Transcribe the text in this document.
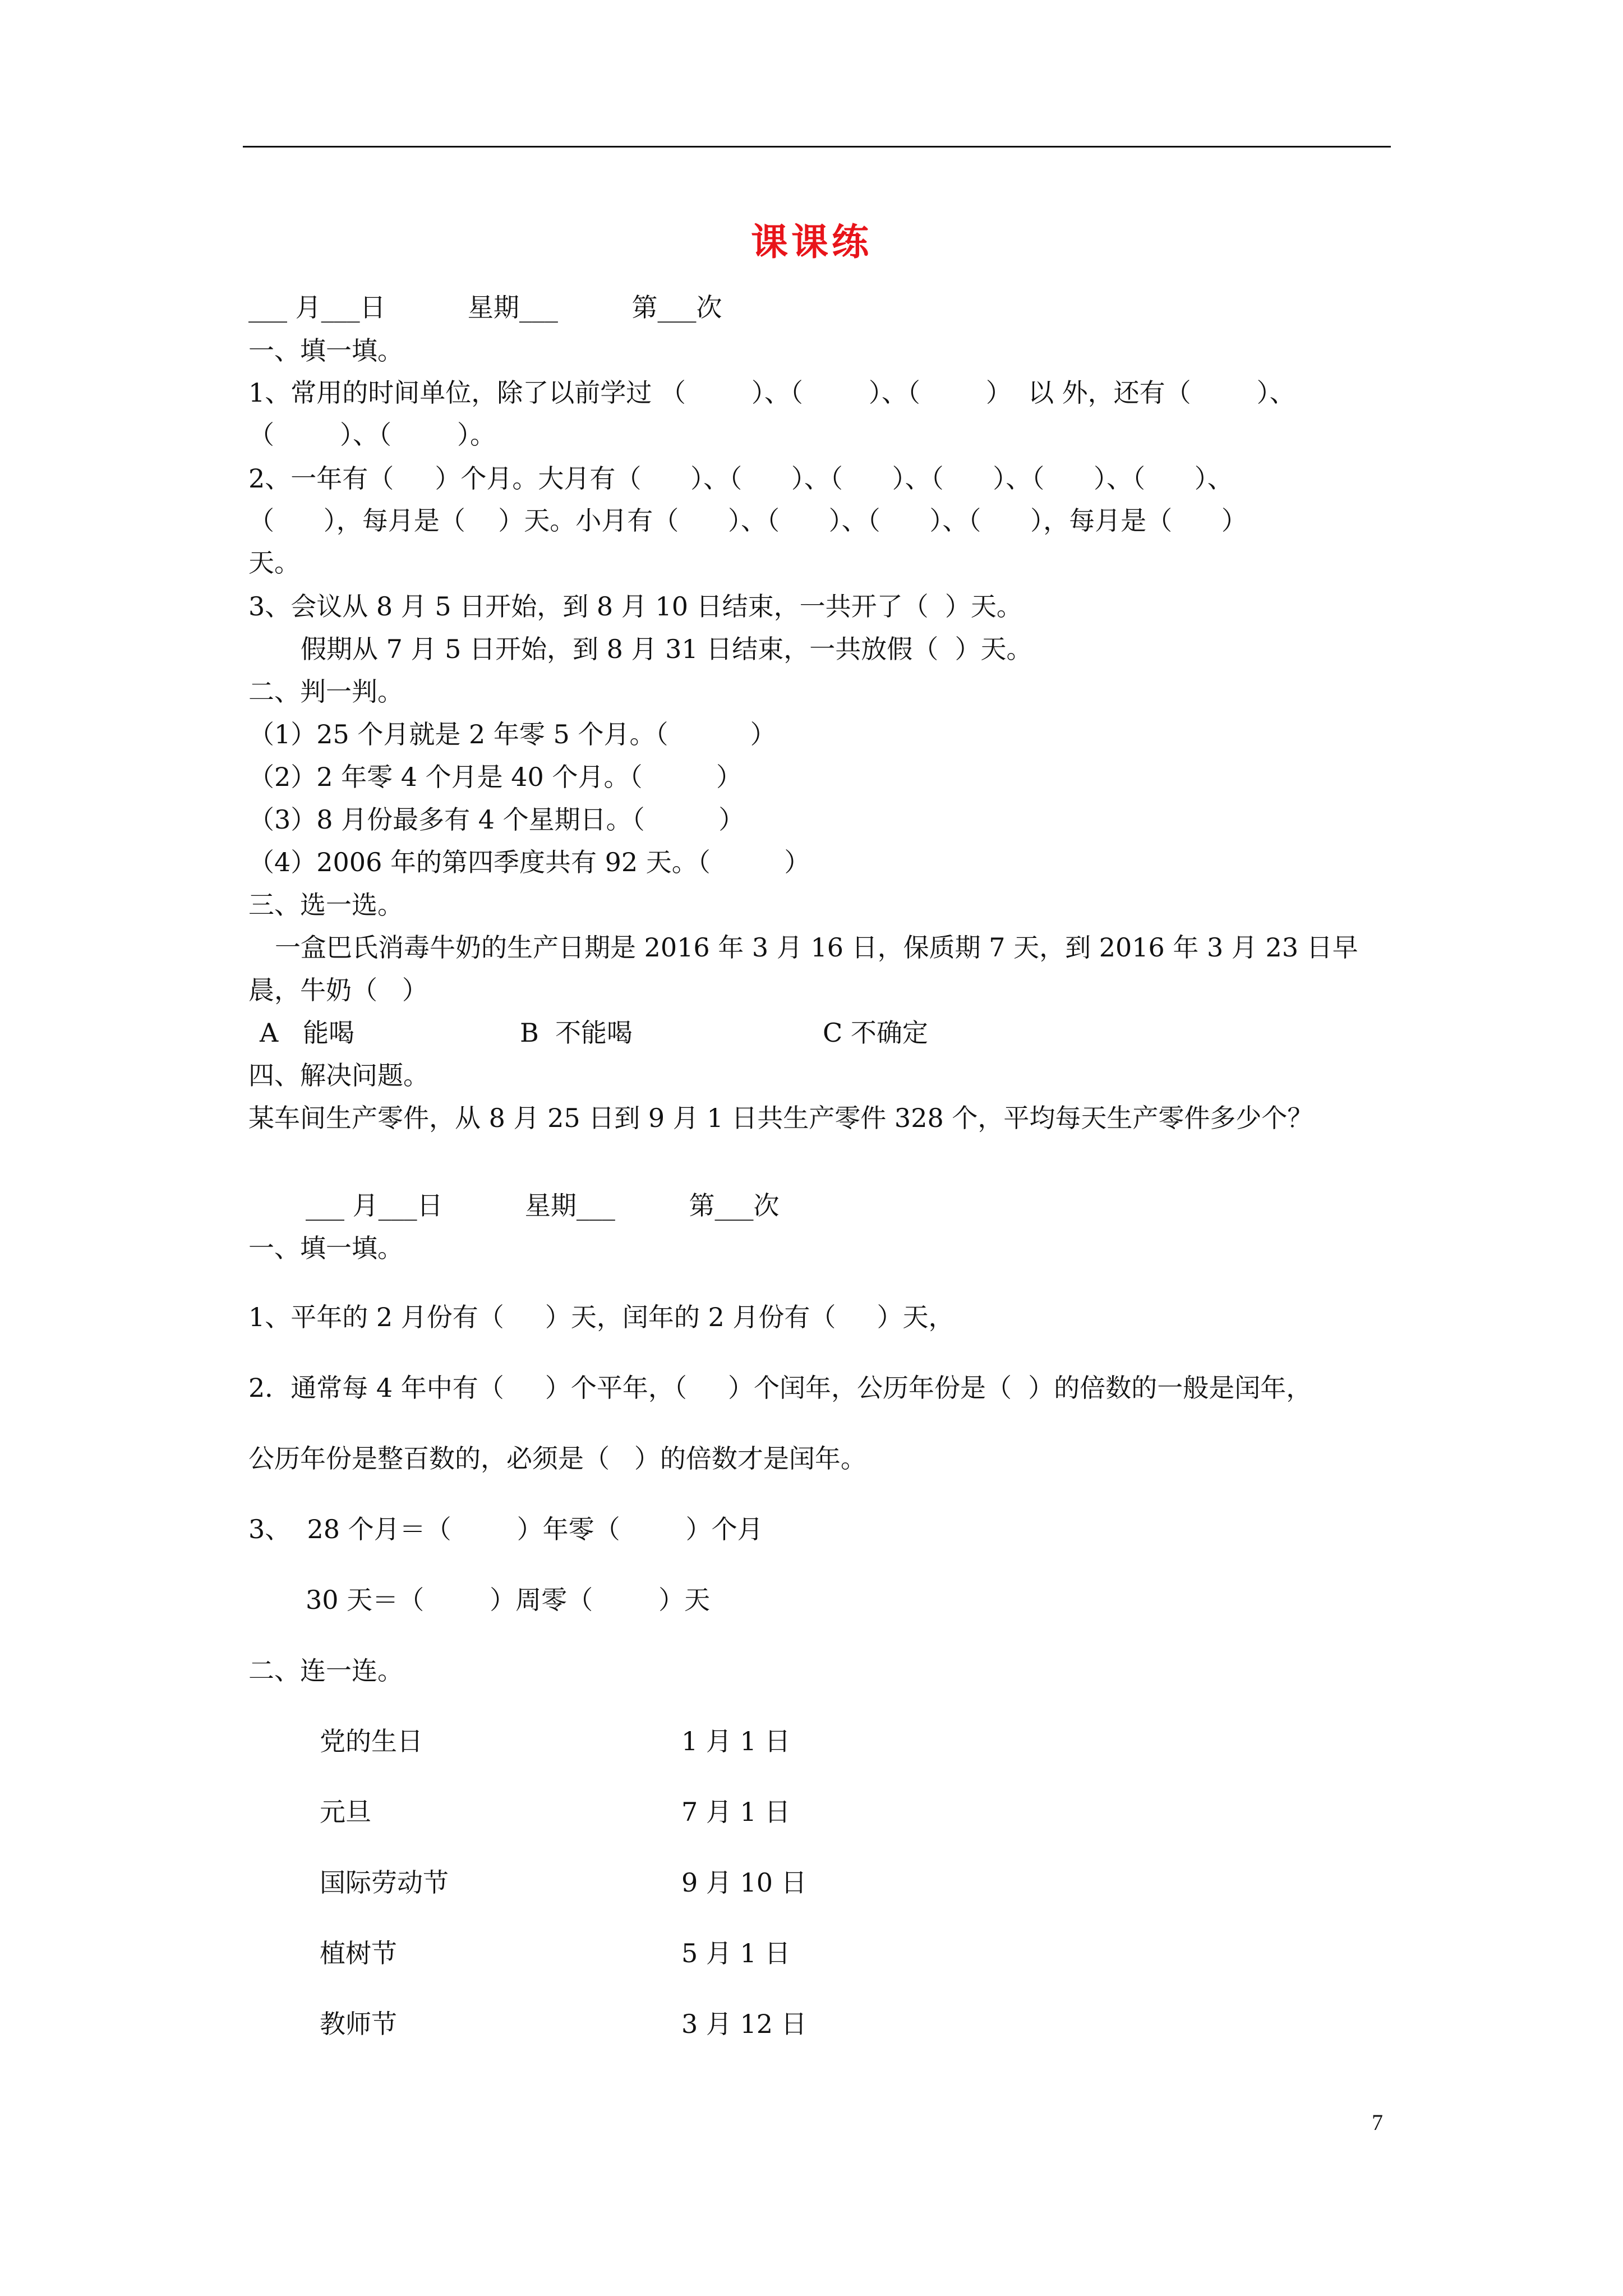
课课练
___ 月___日          星期___         第___次
一、填一填。
1、常用的时间单位，除了以前学过 （        ）、（        ）、（        ）  以 外，还有（        ）、
（        ）、（        ）。
2、一年有（     ）个月。大月有（      ）、（      ）、（      ）、（      ）、（      ）、（      ）、
（      ），每月是（    ）天。小月有（      ）、（      ）、（      ）、（      ），每月是（      ）
天。
3、会议从 8 月 5 日开始，到 8 月 10 日结束，一共开了（  ）天。
假期从 7 月 5 日开始，到 8 月 31 日结束，一共放假（  ）天。
二、判一判。
（1）25 个月就是 2 年零 5 个月。（          ）
（2）2 年零 4 个月是 40 个月。（         ）
（3）8 月份最多有 4 个星期日。（         ）
（4）2006 年的第四季度共有 92 天。（         ）
三、选一选。
一盒巴氏消毒牛奶的生产日期是 2016 年 3 月 16 日，保质期 7 天，到 2016 年 3 月 23 日早
晨，牛奶（   ）
A   能喝	B  不能喝	C 不确定
四、解决问题。
某车间生产零件，从 8 月 25 日到 9 月 1 日共生产零件 328 个，平均每天生产零件多少个？
___ 月___日          星期___         第___次
一、填一填。
1、平年的 2 月份有（     ）天，闰年的 2 月份有（     ）天，
2．通常每 4 年中有（     ）个平年，（     ）个闰年，公历年份是（  ）的倍数的一般是闰年，
公历年份是整百数的，必须是（   ）的倍数才是闰年。
3、  28 个月＝（        ）年零（        ）个月
30 天＝（        ）周零（        ）天
二、连一连。
党的生日	1 月 1 日
元旦	7 月 1 日
国际劳动节	9 月 10 日
植树节	5 月 1 日
教师节	3 月 12 日
7
